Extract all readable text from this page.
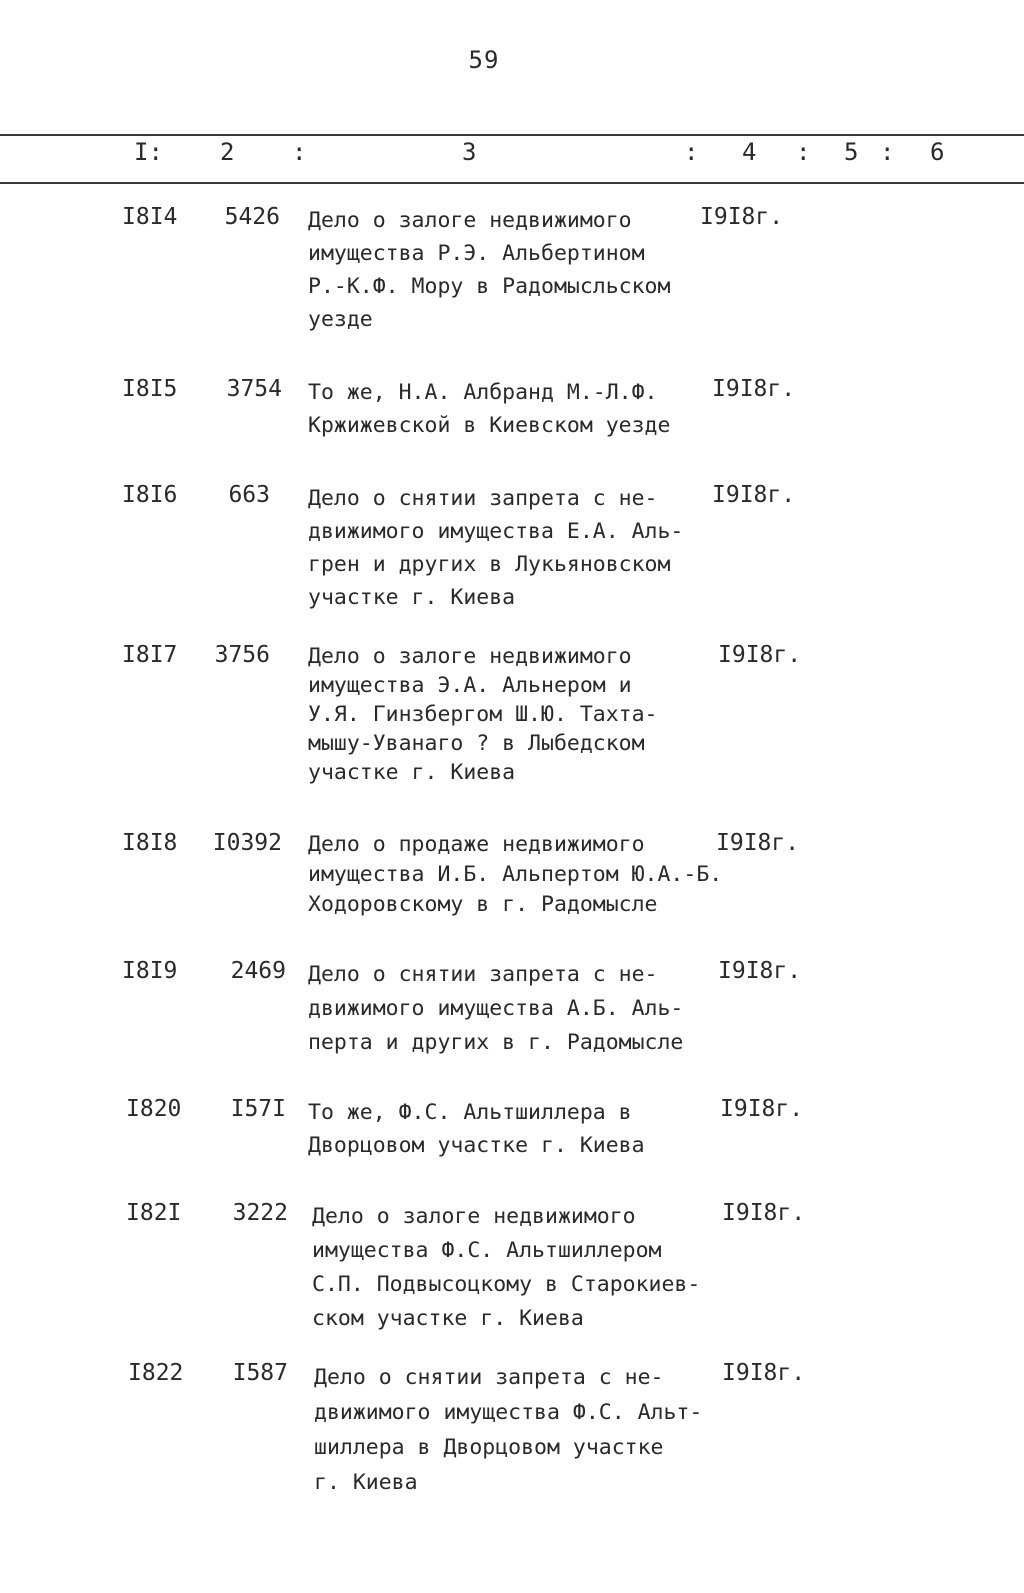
59
I: 2 :	3	: 4 : 5 : 6
I8I4	5426 Дело о залоге недвижимого
имущества Р.Э. Альбертином
Р.-К.Ф. Мору в Радомысльском
уезде
I9I8г.
I8I5	3754 То же, Н.А. Албранд М.-Л.Ф.
Кржижевской в Киевском уезде
I9I8г.
I8I6	663 Дело о снятии запрета с не-
движимого имущества Е.А. Аль-
грен и других в Лукьяновском
участке г. Киева
I9I8г.
I8I7	3756 Дело о залоге недвижимого
имущества Э.А. Альнером и
У.Я. Гинзбергом Ш.Ю. Тахта-
мышу-Уванаго ? в Лыбедском
участке г. Киева
I9I8г.
I8I8	I0392 Дело о продаже недвижимого
имущества И.Б. Альпертом Ю.А.-Б.
Ходоровскому в г. Радомысле
I9I8г.
I8I9	2469 Дело о снятии запрета с не-
движимого имущества А.Б. Аль-
перта и других в г. Радомысле
I9I8г.
I820	I57I То же, Ф.С. Альтшиллера в
Дворцовом участке г. Киева
I9I8г.
I82I	3222 Дело о залоге недвижимого
имущества Ф.С. Альтшиллером
С.П. Подвысоцкому в Старокиев-
ском участке г. Киева
I9I8г.
I822	I587 Дело о снятии запрета с не-
движимого имущества Ф.С. Альт-
шиллера в Дворцовом участке
г. Киева
I9I8г.
